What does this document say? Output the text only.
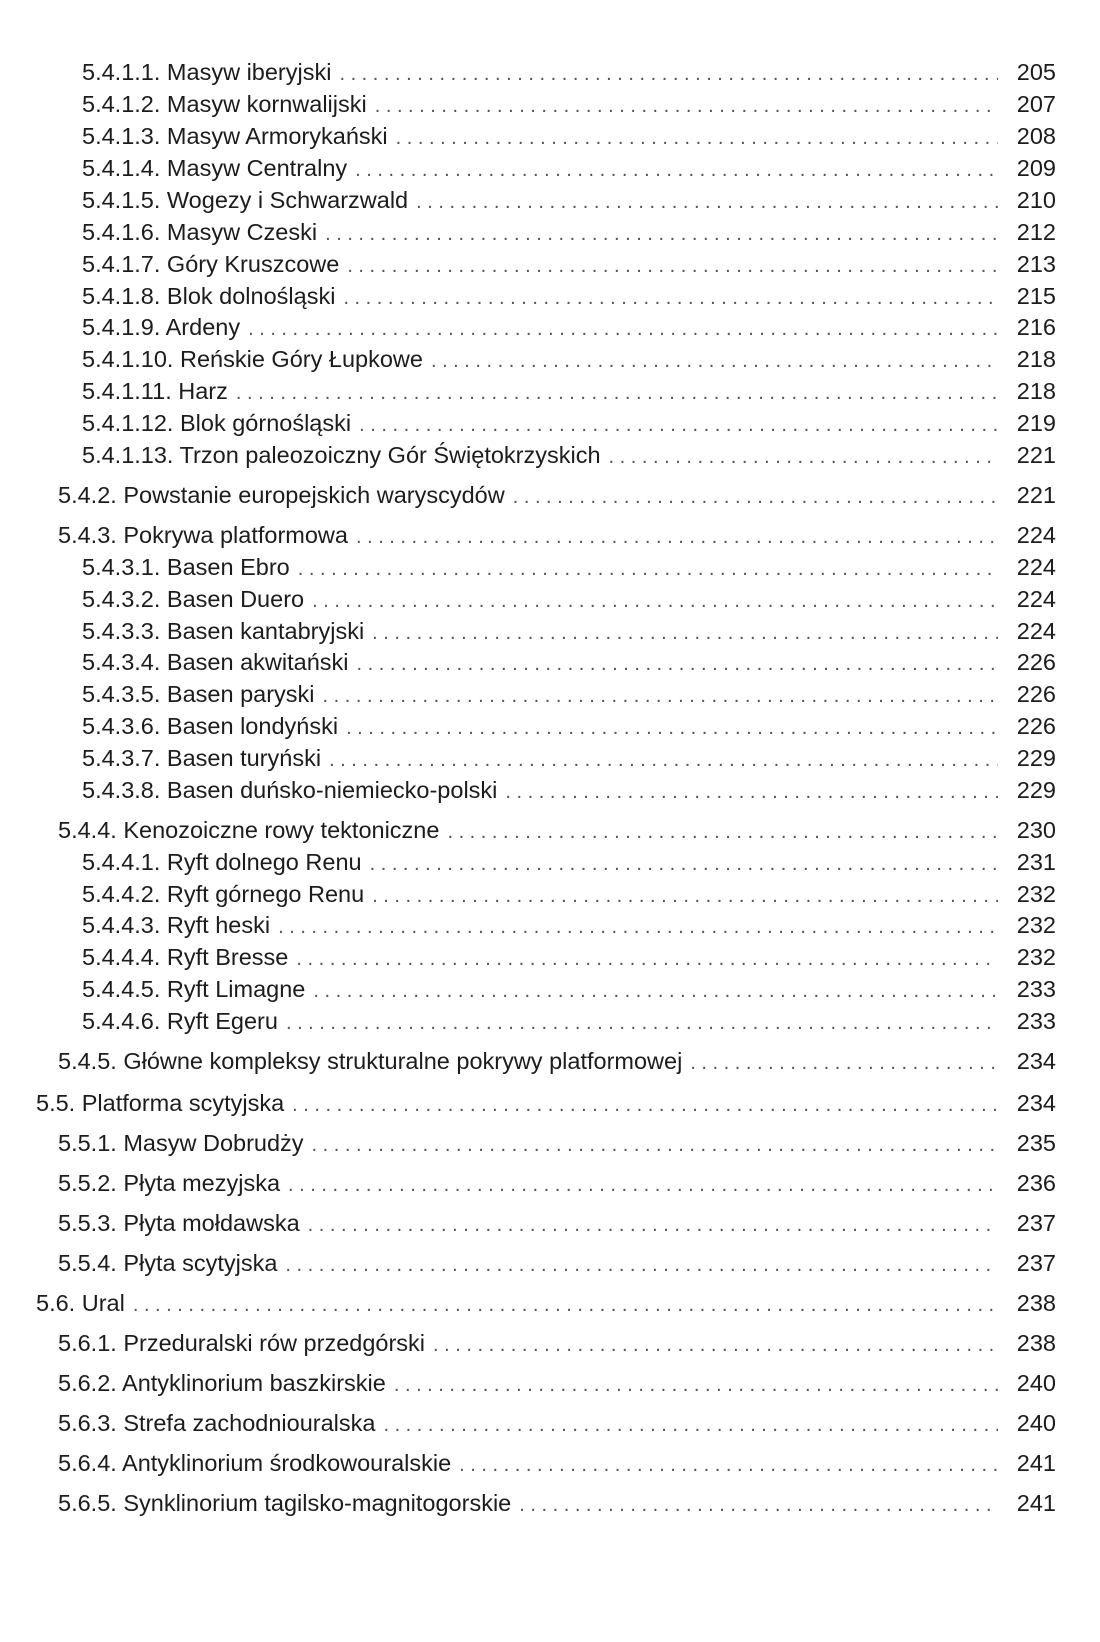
5.4.1.1. Masyw iberyjski . . .	205
5.4.1.2. Masyw kornwalijski . . .	207
5.4.1.3. Masyw Armorykański . . .	208
5.4.1.4. Masyw Centralny . . .	209
5.4.1.5. Wogezy i Schwarzwald . . .	210
5.4.1.6. Masyw Czeski . . .	212
5.4.1.7. Góry Kruszcowe . . .	213
5.4.1.8. Blok dolnośląski . . .	215
5.4.1.9. Ardeny . . .	216
5.4.1.10. Reńskie Góry Łupkowe . . .	218
5.4.1.11. Harz . . .	218
5.4.1.12. Blok górnośląski . . .	219
5.4.1.13. Trzon paleozoiczny Gór Świętokrzyskich . . .	221
5.4.2. Powstanie europejskich waryscydów . . .	221
5.4.3. Pokrywa platformowa . . .	224
5.4.3.1. Basen Ebro . . .	224
5.4.3.2. Basen Duero . . .	224
5.4.3.3. Basen kantabryjski . . .	224
5.4.3.4. Basen akwitański . . .	226
5.4.3.5. Basen paryski . . .	226
5.4.3.6. Basen londyński . . .	226
5.4.3.7. Basen turyński . . .	229
5.4.3.8. Basen duńsko-niemiecko-polski . . .	229
5.4.4. Kenozoiczne rowy tektoniczne . . .	230
5.4.4.1. Ryft dolnego Renu . . .	231
5.4.4.2. Ryft górnego Renu . . .	232
5.4.4.3. Ryft heski . . .	232
5.4.4.4. Ryft Bresse . . .	232
5.4.4.5. Ryft Limagne . . .	233
5.4.4.6. Ryft Egeru . . .	233
5.4.5. Główne kompleksy strukturalne pokrywy platformowej . . .	234
5.5. Platforma scytyjska . . .	234
5.5.1. Masyw Dobrudży . . .	235
5.5.2. Płyta mezyjska . . .	236
5.5.3. Płyta mołdawska . . .	237
5.5.4. Płyta scytyjska . . .	237
5.6. Ural . . .	238
5.6.1. Przeduralski rów przedgórski . . .	238
5.6.2. Antyklinorium baszkirskie . . .	240
5.6.3. Strefa zachodniouralska . . .	240
5.6.4. Antyklinorium środkowouralskie . . .	241
5.6.5. Synklinorium tagilsko-magnitogorskie . . .	241
